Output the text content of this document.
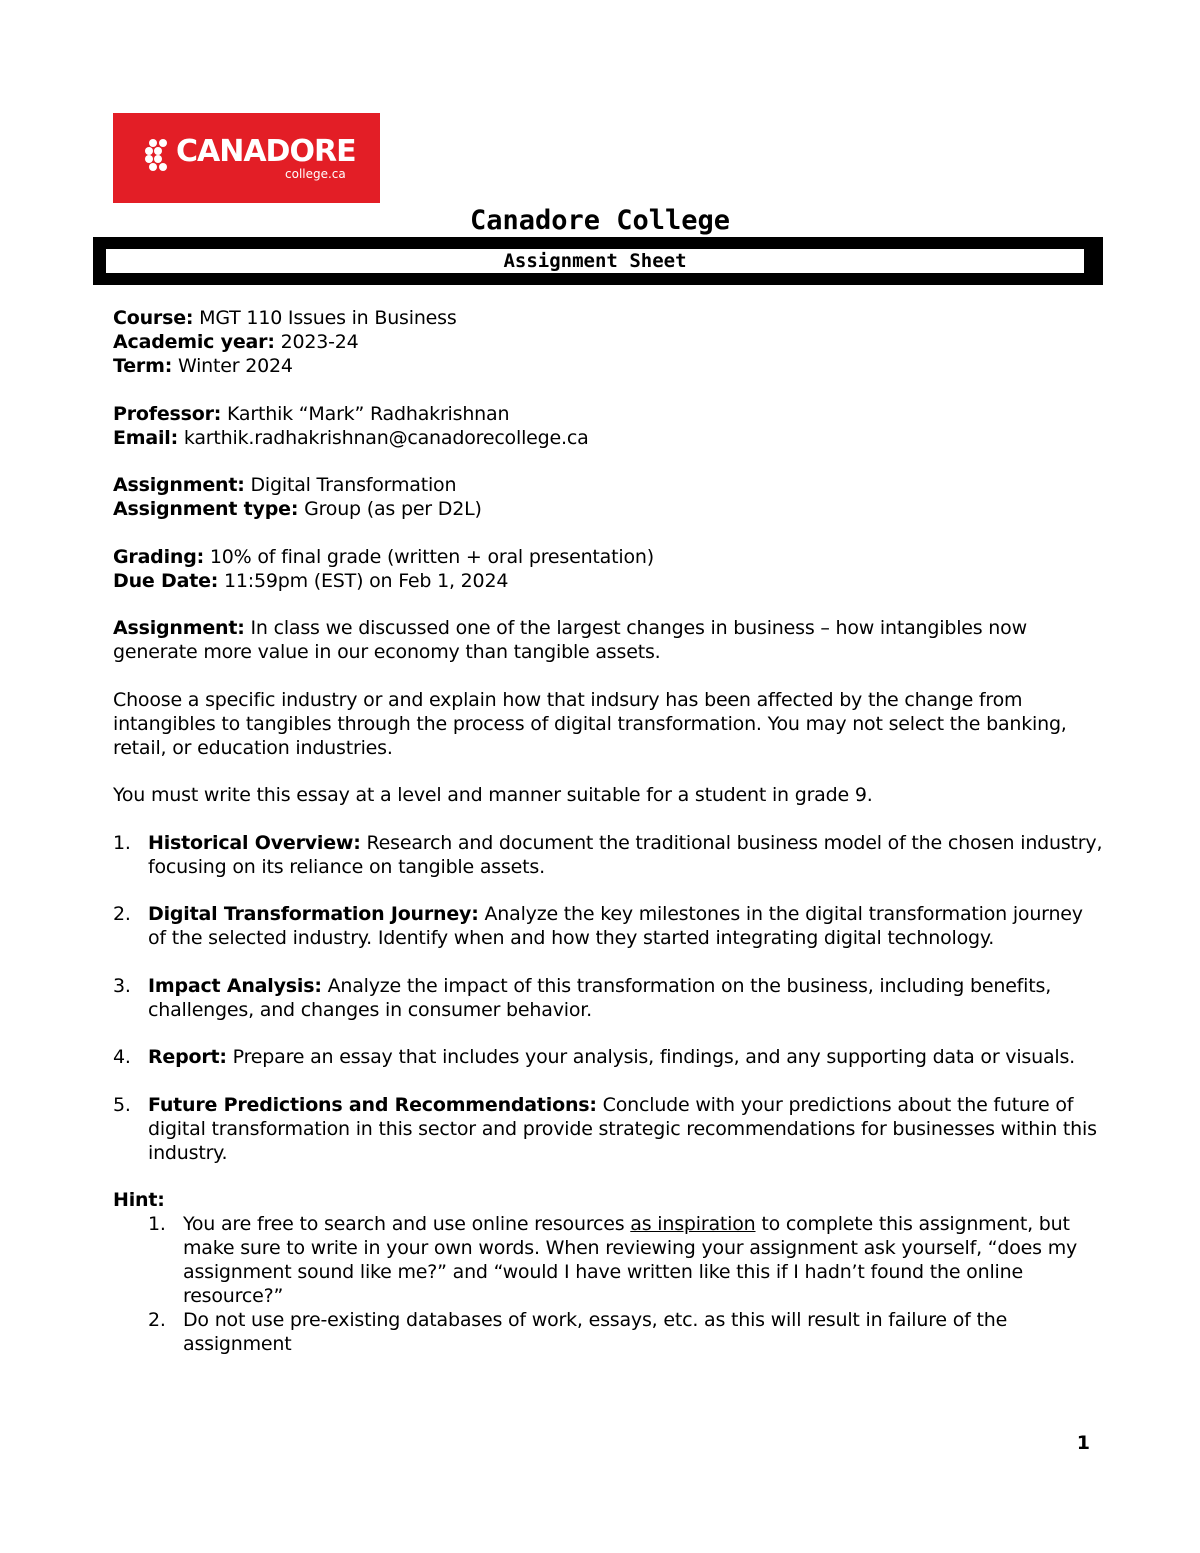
CANADORE
college.ca
Canadore College
Assignment Sheet

Course: MGT 110 Issues in Business

Academic year: 2023-24

Term: Winter 2024

Professor: Karthik “Mark” Radhakrishnan

Email: karthik.radhakrishnan@canadorecollege.ca

Assignment: Digital Transformation

Assignment type: Group (as per D2L)

Grading: 10% of final grade (written + oral presentation)

Due Date: 11:59pm (EST) on Feb 1, 2024

Assignment: In class we discussed one of the largest changes in business – how intangibles now generate more value in our economy than tangible assets.

Choose a specific industry or and explain how that indsury has been affected by the change from intangibles to tangibles through the process of digital transformation. You may not select the banking, retail, or education industries.

You must write this essay at a level and manner suitable for a student in grade 9.

1. Historical Overview: Research and document the traditional business model of the chosen industry, focusing on its reliance on tangible assets.
2. Digital Transformation Journey: Analyze the key milestones in the digital transformation journey of the selected industry. Identify when and how they started integrating digital technology.
3. Impact Analysis: Analyze the impact of this transformation on the business, including benefits, challenges, and changes in consumer behavior.
4. Report: Prepare an essay that includes your analysis, findings, and any supporting data or visuals.
5. Future Predictions and Recommendations: Conclude with your predictions about the future of digital transformation in this sector and provide strategic recommendations for businesses within this industry.

Hint:

1. You are free to search and use online resources as inspiration to complete this assignment, but make sure to write in your own words. When reviewing your assignment ask yourself, “does my assignment sound like me?” and “would I have written like this if I hadn’t found the online resource?”
2. Do not use pre-existing databases of work, essays, etc. as this will result in failure of the assignment
1
